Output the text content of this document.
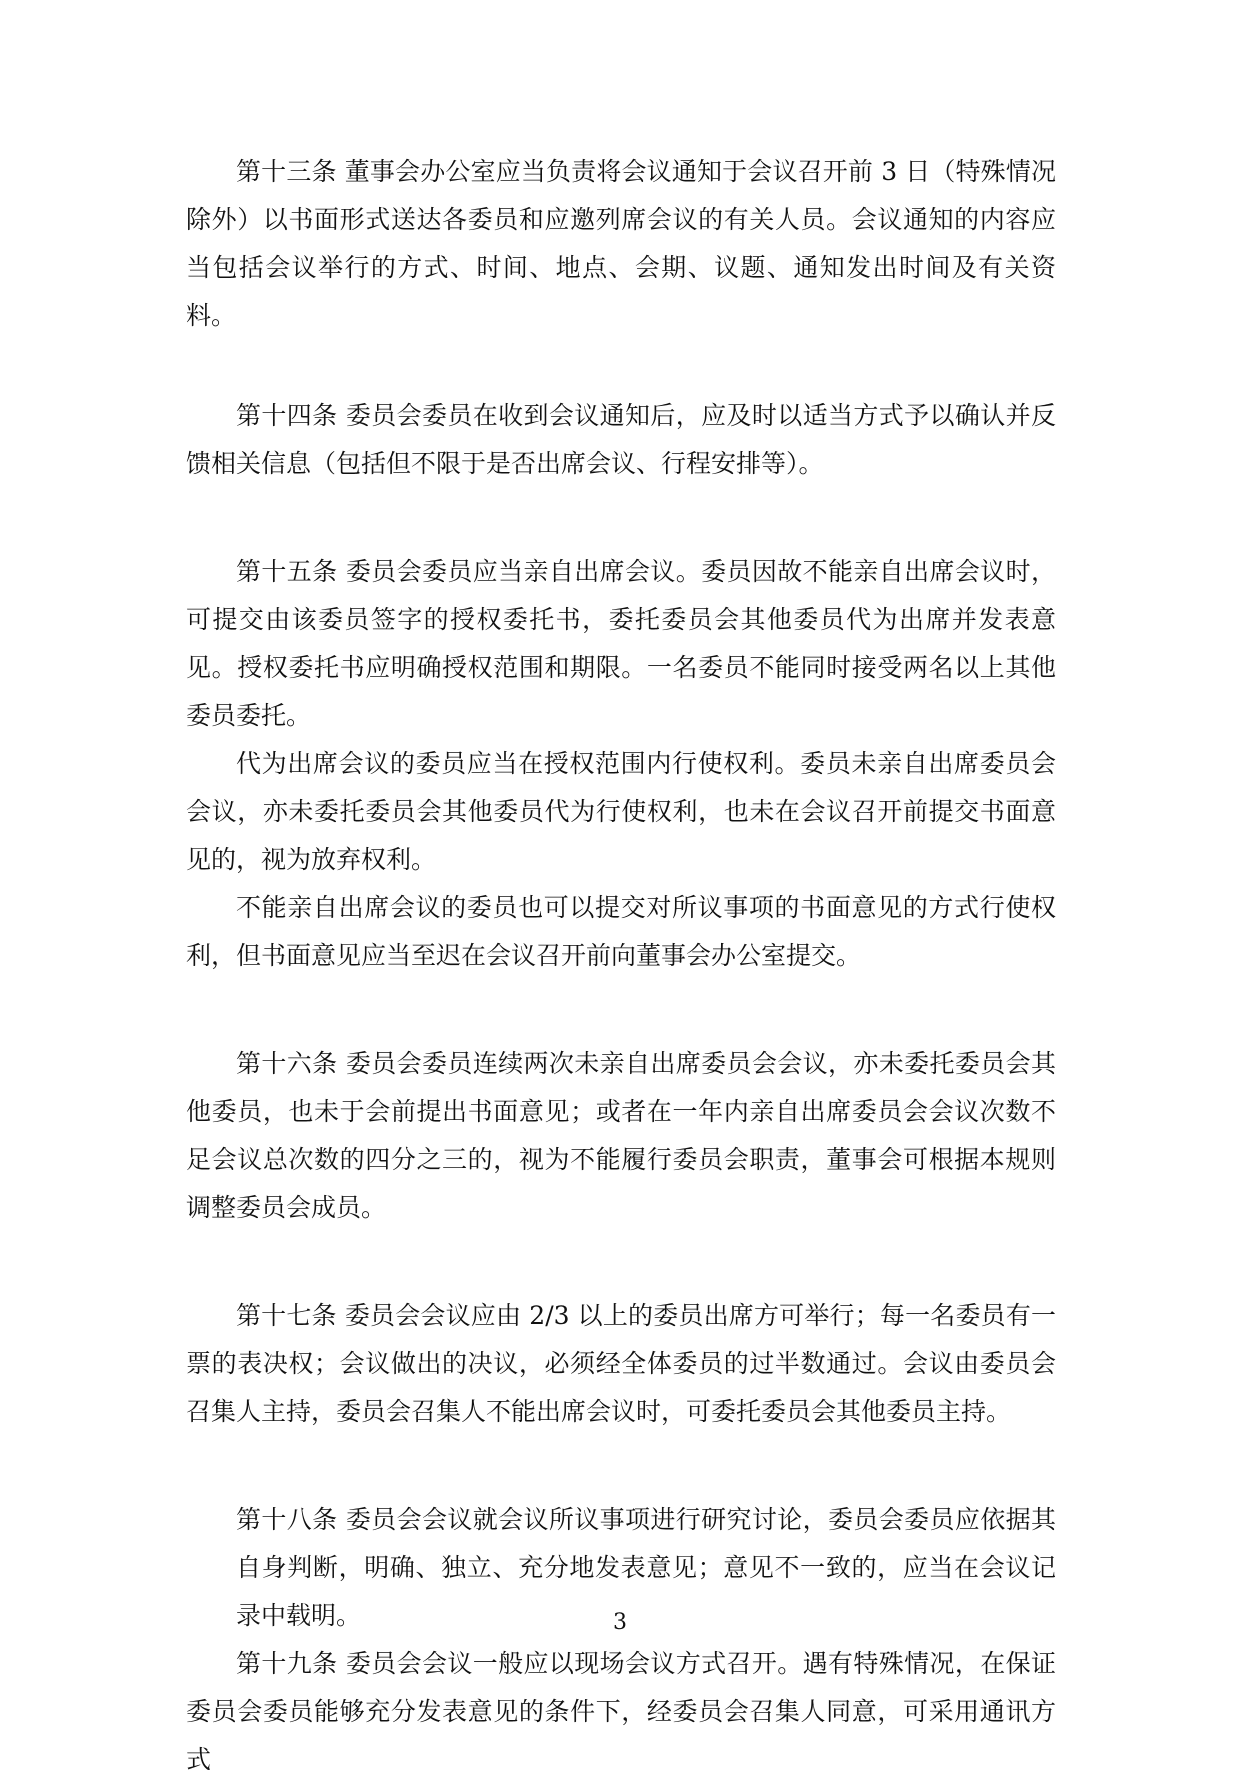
第十三条 董事会办公室应当负责将会议通知于会议召开前 3 日（特殊情况除外）以书面形式送达各委员和应邀列席会议的有关人员。会议通知的内容应当包括会议举行的方式、时间、地点、会期、议题、通知发出时间及有关资料。

第十四条 委员会委员在收到会议通知后，应及时以适当方式予以确认并反馈相关信息（包括但不限于是否出席会议、行程安排等）。

第十五条 委员会委员应当亲自出席会议。委员因故不能亲自出席会议时，可提交由该委员签字的授权委托书，委托委员会其他委员代为出席并发表意见。授权委托书应明确授权范围和期限。一名委员不能同时接受两名以上其他委员委托。

代为出席会议的委员应当在授权范围内行使权利。委员未亲自出席委员会会议，亦未委托委员会其他委员代为行使权利，也未在会议召开前提交书面意见的，视为放弃权利。

不能亲自出席会议的委员也可以提交对所议事项的书面意见的方式行使权利，但书面意见应当至迟在会议召开前向董事会办公室提交。

第十六条 委员会委员连续两次未亲自出席委员会会议，亦未委托委员会其他委员，也未于会前提出书面意见；或者在一年内亲自出席委员会会议次数不足会议总次数的四分之三的，视为不能履行委员会职责，董事会可根据本规则调整委员会成员。

第十七条 委员会会议应由 2/3 以上的委员出席方可举行；每一名委员有一票的表决权；会议做出的决议，必须经全体委员的过半数通过。会议由委员会召集人主持，委员会召集人不能出席会议时，可委托委员会其他委员主持。

第十八条 委员会会议就会议所议事项进行研究讨论，委员会委员应依据其自身判断，明确、独立、充分地发表意见；意见不一致的，应当在会议记录中载明。

第十九条 委员会会议一般应以现场会议方式召开。遇有特殊情况，在保证委员会委员能够充分发表意见的条件下，经委员会召集人同意，可采用通讯方式

3
